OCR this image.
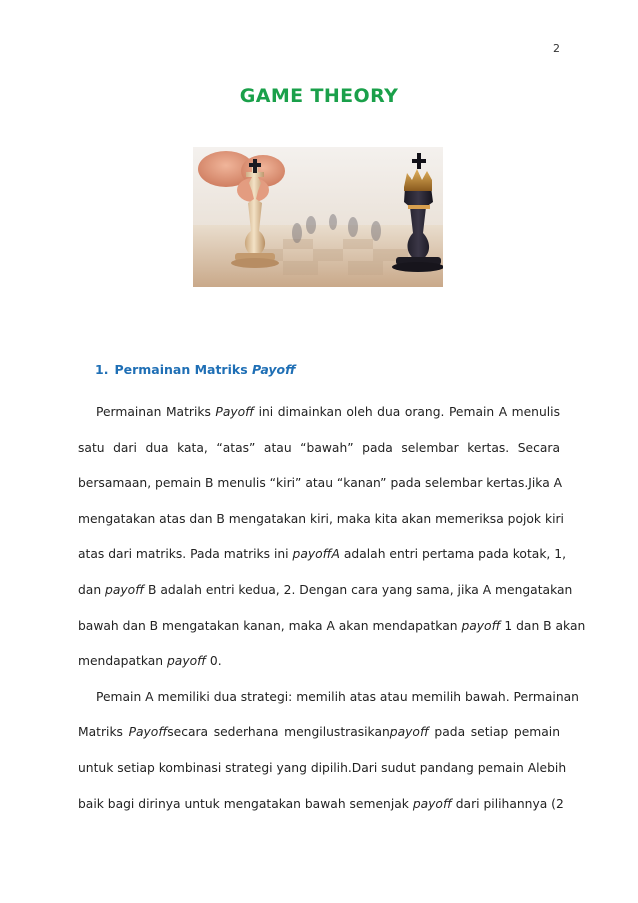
2
GAME THEORY
1. Permainan Matriks Payoff
Permainan Matriks Payoff ini dimainkan oleh dua orang. Pemain A menulis
satu dari dua kata, “atas” atau “bawah” pada selembar kertas. Secara
bersamaan, pemain B menulis “kiri” atau “kanan” pada selembar kertas.Jika A
mengatakan atas dan B mengatakan kiri, maka kita akan memeriksa pojok kiri
atas dari matriks. Pada matriks ini payoffA adalah entri pertama pada kotak, 1,
dan payoff B adalah entri kedua, 2. Dengan cara yang sama, jika A mengatakan
bawah dan B mengatakan kanan, maka A akan mendapatkan payoff 1 dan B akan
mendapatkan payoff 0.
Pemain A memiliki dua strategi: memilih atas atau memilih bawah. Permainan
Matriks Payoffsecara sederhana mengilustrasikanpayoff pada setiap pemain
untuk setiap kombinasi strategi yang dipilih.Dari sudut pandang pemain Alebih
baik bagi dirinya untuk mengatakan bawah semenjak payoff dari pilihannya (2
